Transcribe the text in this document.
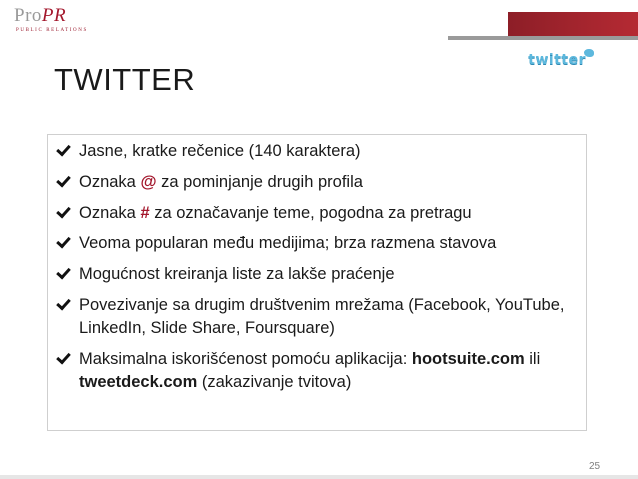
ProPR
PUBLIC RELATIONS
twitter
TWITTER
Jasne, kratke rečenice (140 karaktera)
Oznaka @ za pominjanje drugih profila
Oznaka # za označavanje teme, pogodna za pretragu
Veoma popularan među medijima; brza razmena stavova
Mogućnost kreiranja liste za lakše praćenje
Povezivanje sa drugim društvenim mrežama (Facebook, YouTube, LinkedIn, Slide Share, Foursquare)
Maksimalna iskorišćenost pomoću aplikacija: hootsuite.com ili tweetdeck.com (zakazivanje tvitova)
25
